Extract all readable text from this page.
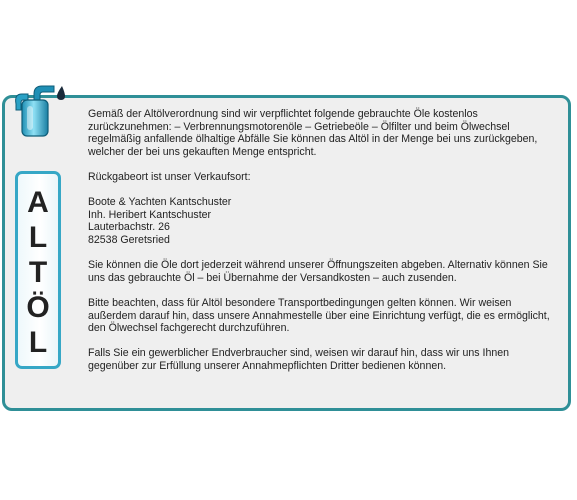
A
L
T
Ö
L

Gemäß der Altölverordnung sind wir verpflichtet folgende gebrauchte Öle kostenlos zurückzunehmen: – Verbrennungsmotorenöle – Getriebeöle – Ölfilter und beim Ölwechsel regelmäßig anfallende ölhaltige Abfälle Sie können das Altöl in der Menge bei uns zurückgeben, welcher der bei uns gekauften Menge entspricht.

Rückgabeort ist unser Verkaufsort:

Boote & Yachten Kantschuster
Inh. Heribert Kantschuster
Lauterbachstr. 26
82538 Geretsried

Sie können die Öle dort jederzeit während unserer Öffnungszeiten abgeben. Alternativ können Sie uns das gebrauchte Öl – bei Übernahme der Versandkosten – auch zusenden.

Bitte beachten, dass für Altöl besondere Transportbedingungen gelten können. Wir weisen außerdem darauf hin, dass unsere Annahmestelle über eine Einrichtung verfügt, die es ermöglicht, den Ölwechsel fachgerecht durchzuführen.

Falls Sie ein gewerblicher Endverbraucher sind, weisen wir darauf hin, dass wir uns Ihnen gegenüber zur Erfüllung unserer Annahmepflichten Dritter bedienen können.
